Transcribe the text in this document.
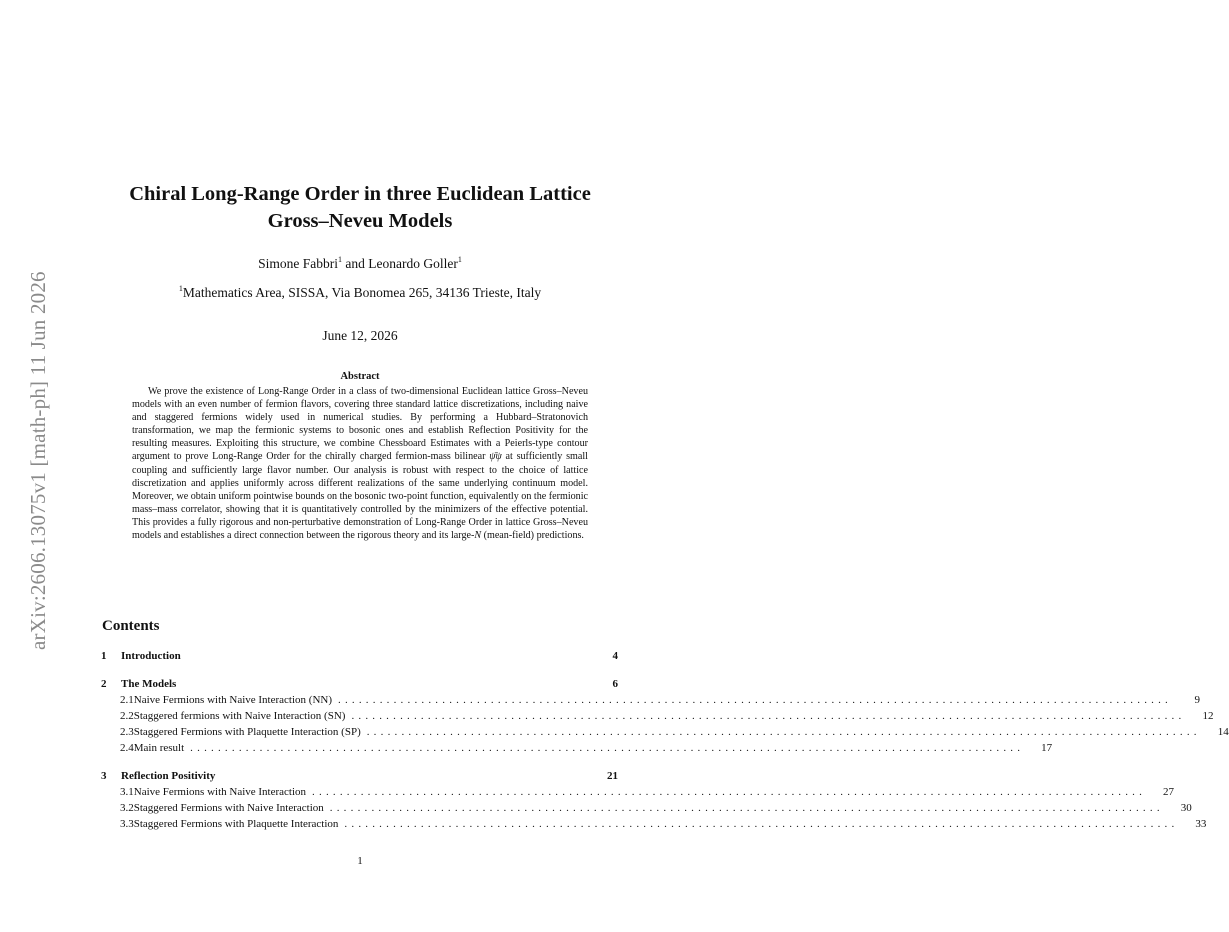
arXiv:2606.13075v1 [math-ph] 11 Jun 2026
Chiral Long-Range Order in three Euclidean Lattice
Gross–Neveu Models
Simone Fabbri$^1$ and Leonardo Goller$^1$
$^1$Mathematics Area, SISSA, Via Bonomea 265, 34136 Trieste, Italy
June 12, 2026
Abstract
We prove the existence of Long-Range Order in a class of two-dimensional Euclidean lattice Gross–Neveu models with an even number of fermion flavors, covering three standard lattice discretizations, including naive and staggered fermions widely used in numerical studies. By performing a Hubbard–Stratonovich transformation, we map the fermionic systems to bosonic ones and establish Reflection Positivity for the resulting measures. Exploiting this structure, we combine Chessboard Estimates with a Peierls-type contour argument to prove Long-Range Order for the chirally charged fermion-mass bilinear ψ̄ψ at sufficiently small coupling and sufficiently large flavor number. Our analysis is robust with respect to the choice of lattice discretization and applies uniformly across different realizations of the same underlying continuum model. Moreover, we obtain uniform pointwise bounds on the bosonic two-point function, equivalently on the fermionic mass–mass correlator, showing that it is quantitatively controlled by the minimizers of the effective potential. This provides a fully rigorous and non-perturbative demonstration of Long-Range Order in lattice Gross–Neveu models and establishes a direct connection between the rigorous theory and its large-N (mean-field) predictions.
Contents
1	Introduction	4
2	The Models	6
2.1 Naive Fermions with Naive Interaction (NN) ........................................................................................................................	9
2.2 Staggered fermions with Naive Interaction (SN) ........................................................................................................................	12
2.3 Staggered Fermions with Plaquette Interaction (SP) ........................................................................................................................	14
2.4 Main result ........................................................................................................................	17
3	Reflection Positivity	21
3.1 Naive Fermions with Naive Interaction ........................................................................................................................	27
3.2 Staggered Fermions with Naive Interaction ........................................................................................................................	30
3.3 Staggered Fermions with Plaquette Interaction ........................................................................................................................	33
1
